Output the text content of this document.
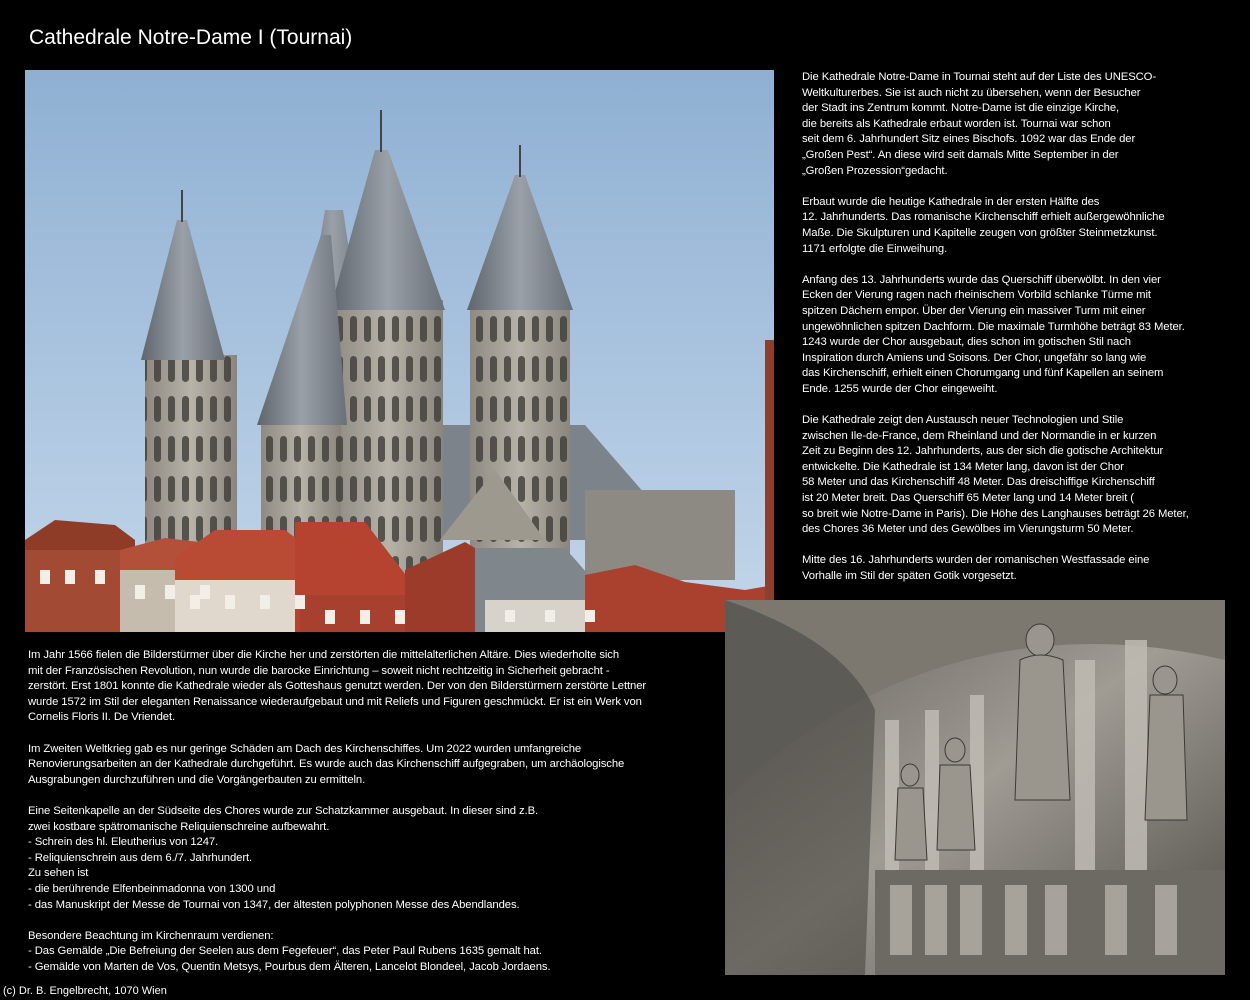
Cathedrale Notre-Dame I (Tournai)

Die Kathedrale Notre-Dame in Tournai steht auf der Liste des UNESCO-
Weltkulturerbes. Sie ist auch nicht zu übersehen, wenn der Besucher
der Stadt ins Zentrum kommt. Notre-Dame ist die einzige Kirche,
die bereits als Kathedrale erbaut worden ist. Tournai war schon
seit dem 6. Jahrhundert Sitz eines Bischofs. 1092 war das Ende der
„Großen Pest“. An diese wird seit damals Mitte September in der
„Großen Prozession“gedacht.

Erbaut wurde die heutige Kathedrale in der ersten Hälfte des
12. Jahrhunderts. Das romanische Kirchenschiff erhielt außergewöhnliche
Maße. Die Skulpturen und Kapitelle zeugen von größter Steinmetzkunst.
1171 erfolgte die Einweihung.

Anfang des 13. Jahrhunderts wurde das Querschiff überwölbt. In den vier
Ecken der Vierung ragen nach rheinischem Vorbild schlanke Türme mit
spitzen Dächern empor. Über der Vierung ein massiver Turm mit einer
ungewöhnlichen spitzen Dachform. Die maximale Turmhöhe beträgt 83 Meter.
1243 wurde der Chor ausgebaut, dies schon im gotischen Stil nach
Inspiration durch Amiens und Soisons. Der Chor, ungefähr so lang wie
das Kirchenschiff, erhielt einen Chorumgang und fünf Kapellen an seinem
Ende. 1255 wurde der Chor eingeweiht.

Die Kathedrale zeigt den Austausch neuer Technologien und Stile
zwischen Ile-de-France, dem Rheinland und der Normandie in er kurzen
Zeit zu Beginn des 12. Jahrhunderts, aus der sich die gotische Architektur
entwickelte. Die Kathedrale ist 134 Meter lang, davon ist der Chor
58 Meter und das Kirchenschiff 48 Meter. Das dreischiffige Kirchenschiff
ist 20 Meter breit. Das Querschiff 65 Meter lang und 14 Meter breit (
so breit wie Notre-Dame in Paris). Die Höhe des Langhauses beträgt 26 Meter,
des Chores 36 Meter und des Gewölbes im Vierungsturm 50 Meter.

Mitte des 16. Jahrhunderts wurden der romanischen Westfassade eine
Vorhalle im Stil der späten Gotik vorgesetzt.

Im Jahr 1566 fielen die Bilderstürmer über die Kirche her und zerstörten die mittelalterlichen Altäre. Dies wiederholte sich
mit der Französischen Revolution, nun wurde die barocke Einrichtung – soweit nicht rechtzeitig in Sicherheit gebracht -
zerstört. Erst 1801 konnte die Kathedrale wieder als Gotteshaus genutzt werden. Der von den Bilderstürmern zerstörte Lettner
wurde 1572 im Stil der eleganten Renaissance wiederaufgebaut und mit Reliefs und Figuren geschmückt. Er ist ein Werk von
Cornelis Floris II. De Vriendet.

Im Zweiten Weltkrieg gab es nur geringe Schäden am Dach des Kirchenschiffes. Um 2022 wurden umfangreiche
Renovierungsarbeiten an der Kathedrale durchgeführt. Es wurde auch das Kirchenschiff aufgegraben, um archäologische
Ausgrabungen durchzuführen und die Vorgängerbauten zu ermitteln.

Eine Seitenkapelle an der Südseite des Chores wurde zur Schatzkammer ausgebaut. In dieser sind z.B.
zwei kostbare spätromanische Reliquienschreine aufbewahrt.
- Schrein des hl. Eleutherius von 1247.
- Reliquienschrein aus dem 6./7. Jahrhundert.
Zu sehen ist
- die berührende Elfenbeinmadonna von 1300 und
- das Manuskript der Messe de Tournai von 1347, der ältesten polyphonen Messe des Abendlandes.

Besondere Beachtung im Kirchenraum verdienen:
- Das Gemälde „Die Befreiung der Seelen aus dem Fegefeuer“, das Peter Paul Rubens 1635 gemalt hat.
- Gemälde von Marten de Vos, Quentin Metsys, Pourbus dem Älteren, Lancelot Blondeel, Jacob Jordaens.

(c) Dr. B. Engelbrecht, 1070 Wien
